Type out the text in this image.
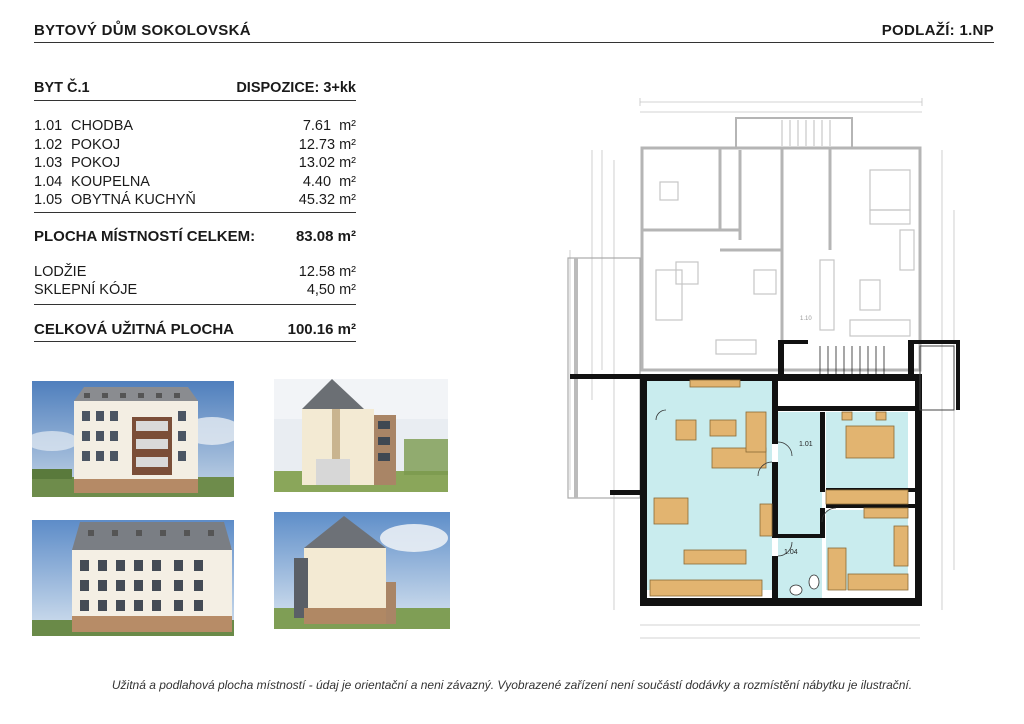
BYTOVÝ DŮM SOKOLOVSKÁ	PODLAŽÍ: 1.NP
BYT Č.1	DISPOZICE: 3+kk
1.01 CHODBA	7.61  m²
1.02 POKOJ	12.73 m²
1.03 POKOJ	13.02 m²
1.04 KOUPELNA	4.40  m²
1.05 OBYTNÁ KUCHYŇ	45.32 m²
PLOCHA MÍSTNOSTÍ CELKEM:	83.08 m²
LODŽIE	12.58 m²
SKLEPNÍ KÓJE	4,50 m²
CELKOVÁ UŽITNÁ PLOCHA	100.16 m²
1.10
1.01
1.04
Užitná a podlahová plocha místností - údaj je orientační a neni závazný. Vyobrazené zařízení není součástí dodávky a rozmístění nábytku je ilustrační.
